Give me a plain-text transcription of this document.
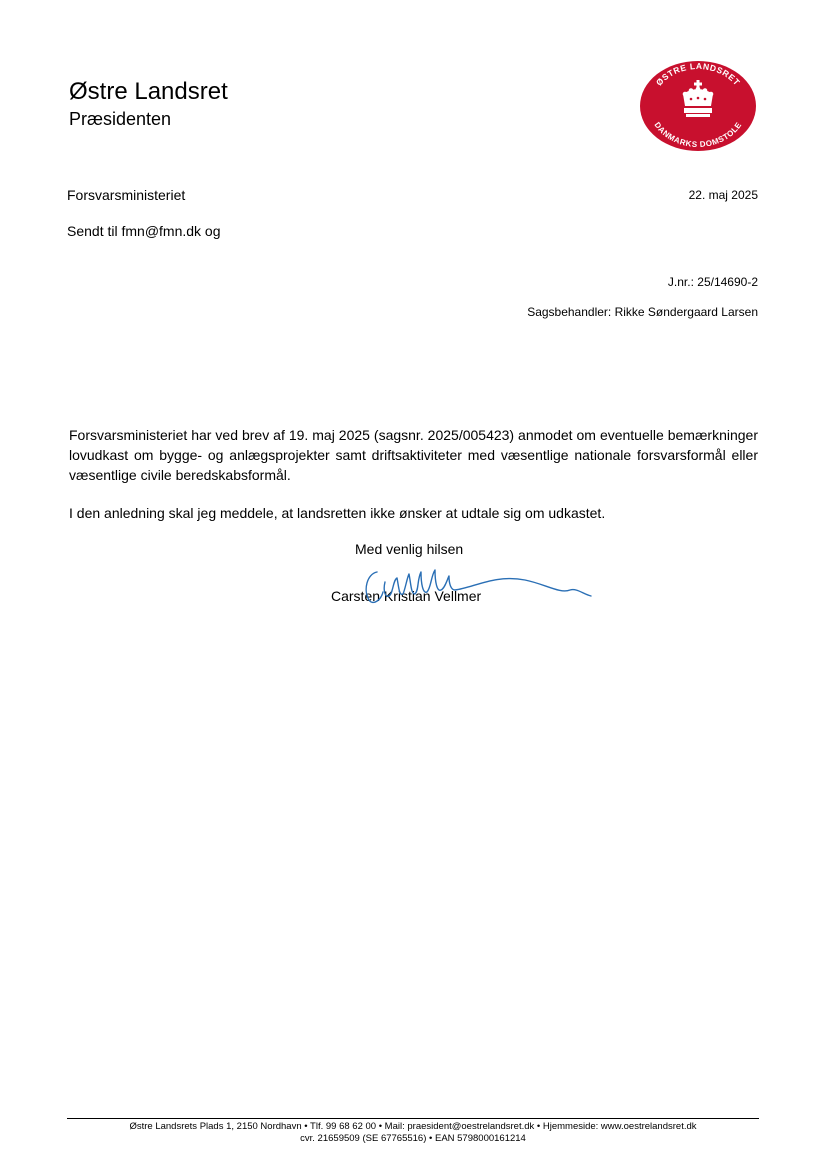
Østre Landsret
Præsidenten
ØSTRE LANDSRET
DANMARKS DOMSTOLE
Forsvarsministeriet
Sendt til fmn@fmn.dk og
22. maj 2025
J.nr.: 25/14690-2
Sagsbehandler: Rikke Søndergaard Larsen
Forsvarsministeriet har ved brev af 19. maj 2025 (sagsnr. 2025/005423) anmodet om eventuelle bemærkninger lovudkast om bygge- og anlægsprojekter samt driftsaktiviteter med væsentlige nationale forsvarsformål eller væsentlige civile beredskabsformål.
I den anledning skal jeg meddele, at landsretten ikke ønsker at udtale sig om udkastet.
Med venlig hilsen
Carsten Kristian Vellmer
Østre Landsrets Plads 1, 2150 Nordhavn • Tlf. 99 68 62 00 • Mail: praesident@oestrelandsret.dk • Hjemmeside: www.oestrelandsret.dk
cvr. 21659509 (SE 67765516) • EAN 5798000161214
